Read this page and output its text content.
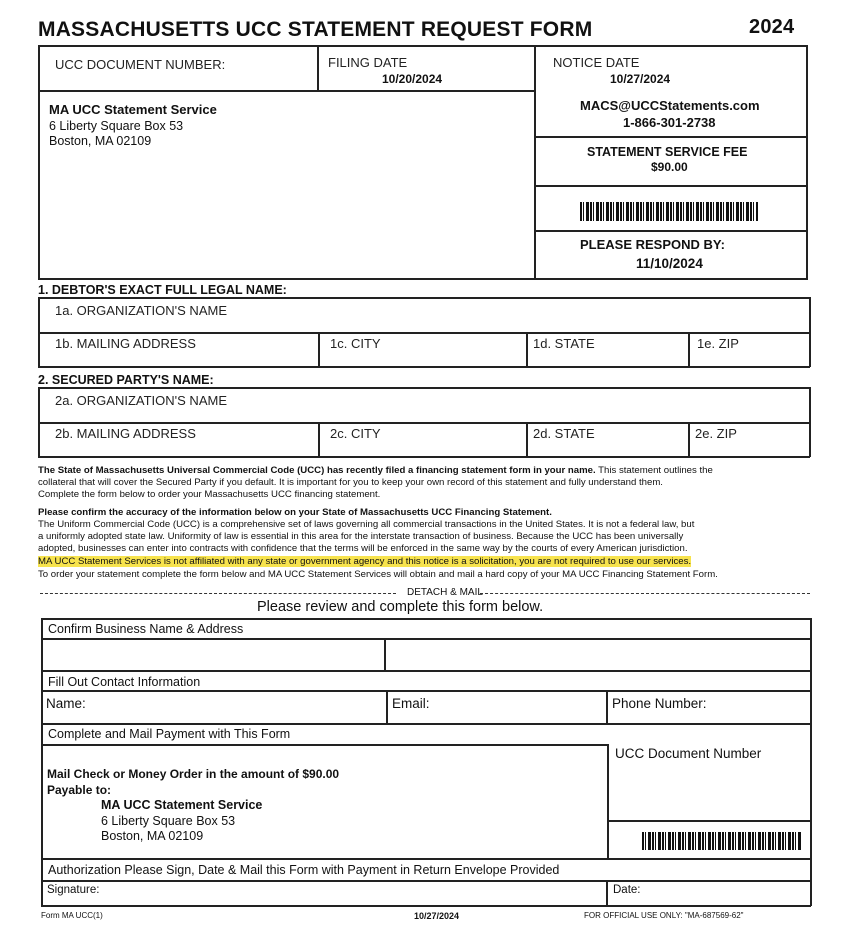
MASSACHUSETTS UCC STATEMENT REQUEST FORM	2024
UCC DOCUMENT NUMBER:	FILING DATE
10/20/2024
NOTICE DATE
10/27/2024
MA UCC Statement Service
6 Liberty Square Box 53
Boston, MA 02109
MACS@UCCStatements.com
1-866-301-2738
STATEMENT SERVICE FEE
$90.00
PLEASE RESPOND BY:
11/10/2024
1. DEBTOR'S EXACT FULL LEGAL NAME:
1a. ORGANIZATION'S NAME
1b. MAILING ADDRESS	1c. CITY	1d. STATE	1e. ZIP
2. SECURED PARTY'S NAME:
2a. ORGANIZATION'S NAME
2b. MAILING ADDRESS	2c. CITY	2d. STATE	2e. ZIP
The State of Massachusetts Universal Commercial Code (UCC) has recently filed a financing statement form in your name. This statement outlines the
collateral that will cover the Secured Party if you default. It is important for you to keep your own record of this statement and fully understand them.
Complete the form below to order your Massachusetts UCC financing statement.
Please confirm the accuracy of the information below on your State of Massachusetts UCC Financing Statement.
The Uniform Commercial Code (UCC) is a comprehensive set of laws governing all commercial transactions in the United States. It is not a federal law, but
a uniformly adopted state law. Uniformity of law is essential in this area for the interstate transaction of business. Because the UCC has been universally
adopted, businesses can enter into contracts with confidence that the terms will be enforced in the same way by the courts of every American jurisdiction.
MA UCC Statement Services is not affiliated with any state or government agency and this notice is a solicitation, you are not required to use our services.
To order your statement complete the form below and MA UCC Statement Services will obtain and mail a hard copy of your MA UCC Financing Statement Form.
DETACH & MAIL
Please review and complete this form below.
Confirm Business Name & Address
Fill Out Contact Information
Name:	Email:	Phone Number:
Complete and Mail Payment with This Form
UCC Document Number
Mail Check or Money Order in the amount of $90.00
Payable to:
MA UCC Statement Service
6 Liberty Square Box 53
Boston, MA 02109
Authorization Please Sign, Date & Mail this Form with Payment in Return Envelope Provided
Signature:	Date:
Form MA UCC(1)	10/27/2024	FOR OFFICIAL USE ONLY: "MA-687569-62"
